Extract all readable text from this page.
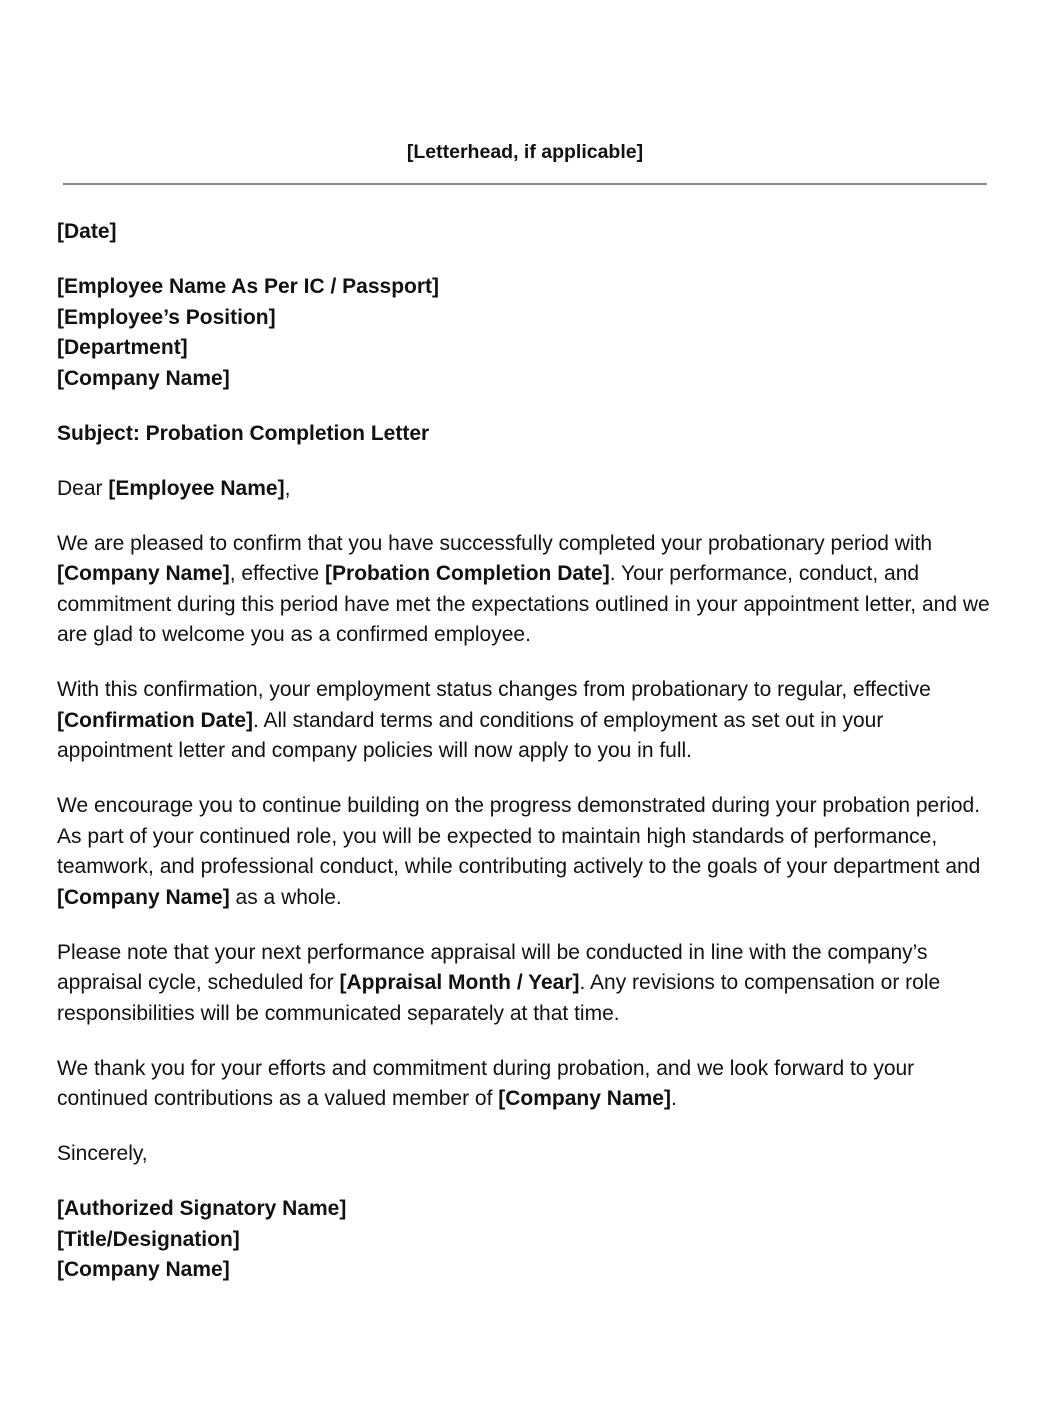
[Letterhead, if applicable]

[Date]

[Employee Name As Per IC / Passport]
[Employee’s Position]
[Department]
[Company Name]

Subject: Probation Completion Letter

Dear [Employee Name],

We are pleased to confirm that you have successfully completed your probationary period with [Company Name], effective [Probation Completion Date]. Your performance, conduct, and commitment during this period have met the expectations outlined in your appointment letter, and we are glad to welcome you as a confirmed employee.

With this confirmation, your employment status changes from probationary to regular, effective [Confirmation Date]. All standard terms and conditions of employment as set out in your appointment letter and company policies will now apply to you in full.

We encourage you to continue building on the progress demonstrated during your probation period. As part of your continued role, you will be expected to maintain high standards of performance, teamwork, and professional conduct, while contributing actively to the goals of your department and [Company Name] as a whole.

Please note that your next performance appraisal will be conducted in line with the company’s appraisal cycle, scheduled for [Appraisal Month / Year]. Any revisions to compensation or role responsibilities will be communicated separately at that time.

We thank you for your efforts and commitment during probation, and we look forward to your continued contributions as a valued member of [Company Name].

Sincerely,

[Authorized Signatory Name]
[Title/Designation]
[Company Name]
